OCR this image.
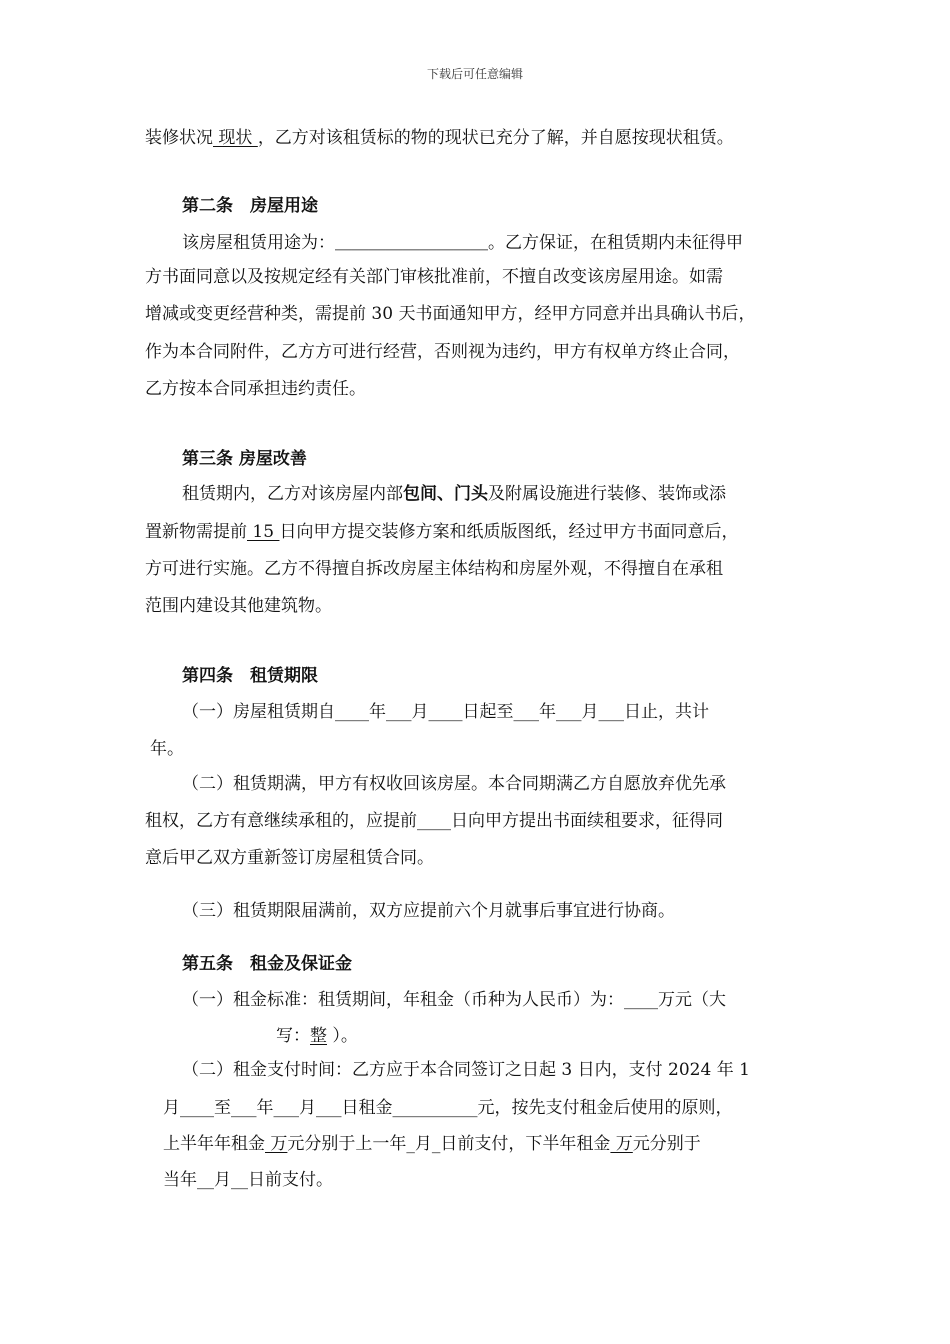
下载后可任意编辑
装修状况 现状 ，乙方对该租赁标的物的现状已充分了解，并自愿按现状租赁。
第二条　房屋用途
该房屋租赁用途为：＿＿＿＿＿＿＿＿＿。乙方保证，在租赁期内未征得甲
方书面同意以及按规定经有关部门审核批准前，不擅自改变该房屋用途。如需
增减或变更经营种类，需提前 30 天书面通知甲方，经甲方同意并出具确认书后，
作为本合同附件，乙方方可进行经营，否则视为违约，甲方有权单方终止合同，
乙方按本合同承担违约责任。
第三条 房屋改善
租赁期内，乙方对该房屋内部包间、门头及附属设施进行装修、装饰或添
置新物需提前 15 日向甲方提交装修方案和纸质版图纸，经过甲方书面同意后，
方可进行实施。乙方不得擅自拆改房屋主体结构和房屋外观，不得擅自在承租
范围内建设其他建筑物。
第四条　租赁期限
（一）房屋租赁期自____年___月____日起至___年___月___日止，共计
年。
（二）租赁期满，甲方有权收回该房屋。本合同期满乙方自愿放弃优先承
租权，乙方有意继续承租的，应提前____日向甲方提出书面续租要求，征得同
意后甲乙双方重新签订房屋租赁合同。
（三）租赁期限届满前，双方应提前六个月就事后事宜进行协商。
第五条　租金及保证金
（一）租金标准：租赁期间，年租金（币种为人民币）为：____万元（大
写：整 ）。
（二）租金支付时间：乙方应于本合同签订之日起 3 日内，支付 2024 年 1
月____至___年___月___日租金__________元，按先支付租金后使用的原则，
上半年年租金 万元分别于上一年_月_日前支付，下半年租金 万元分别于
当年__月__日前支付。
